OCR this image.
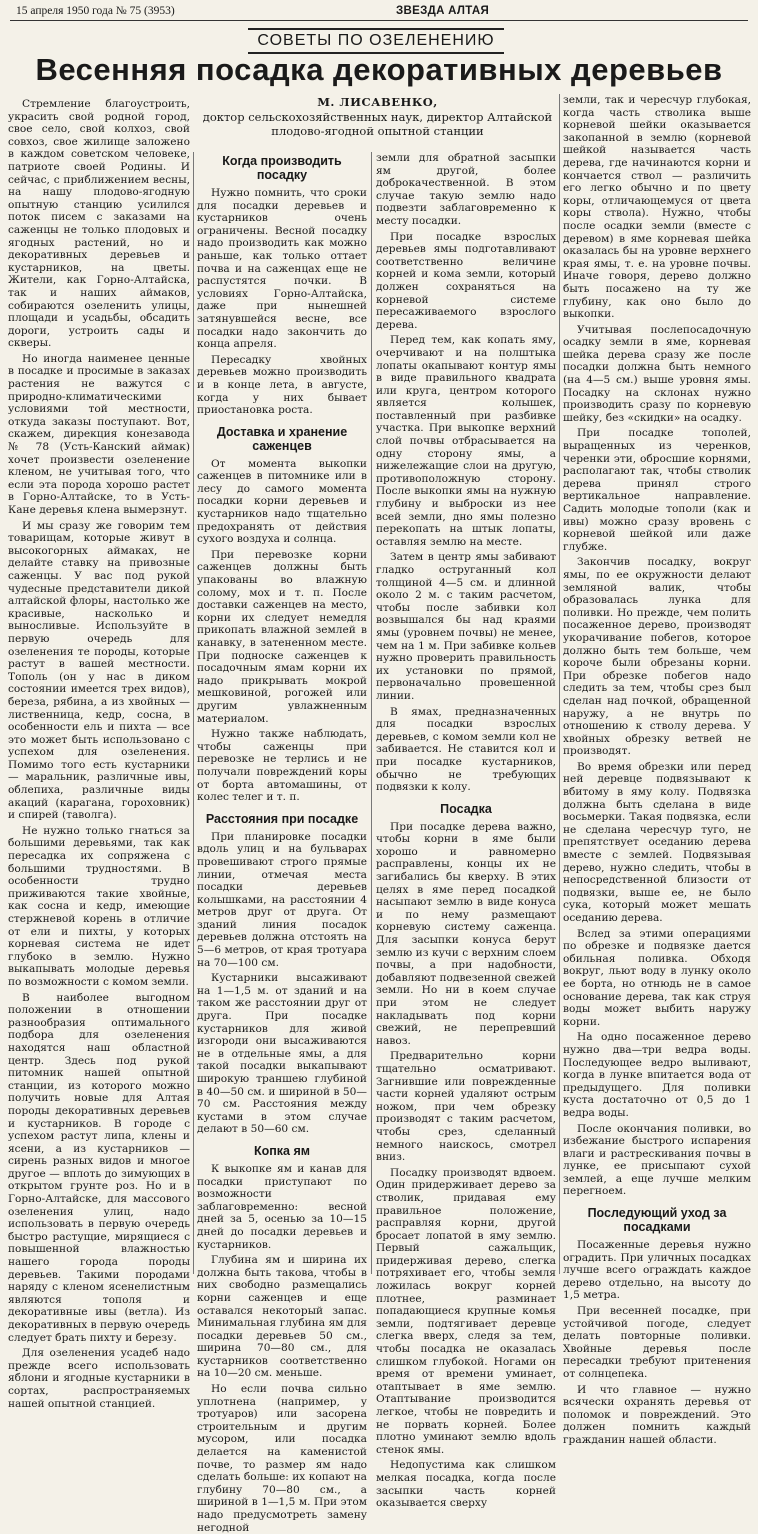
15 апреля 1950 года № 75 (3953)	ЗВЕЗДА АЛТАЯ
СОВЕТЫ ПО ОЗЕЛЕНЕНИЮ
Весенняя посадка декоративных деревьев
М. ЛИСАВЕНКО,
доктор сельскохозяйственных наук, директор Алтайской плодово-ягодной опытной станции

Стремление благоустроить, украсить свой родной город, свое село, свой колхоз, свой совхоз, свое жилище заложено в каждом советском человеке, патриоте своей Родины. И сейчас, с приближением весны, на нашу плодово-ягодную опытную станцию усилился поток писем с заказами на саженцы не только плодовых и ягодных растений, но и декоративных деревьев и кустарников, на цветы. Жители, как Горно-Алтайска, так и наших аймаков, собираются озеленить улицы, площади и усадьбы, обсадить дороги, устроить сады и скверы.

Но иногда наименее ценные в посадке и просимые в заказах растения не важутся с природно-климатическими условиями той местности, откуда заказы поступают. Вот, скажем, дирекция конезавода № 78 (Усть-Канский аймак) хочет произвести озеленение кленом, не учитывая того, что если эта порода хорошо растет в Горно-Алтайске, то в Усть-Кане деревья клена вымерзнут.

И мы сразу же говорим тем товарищам, которые живут в высокогорных аймаках, не делайте ставку на привозные саженцы. У вас под рукой чудесные представители дикой алтайской флоры, настолько же красивые, насколько и выносливые. Используйте в первую очередь для озеленения те породы, которые растут в вашей местности. Тополь (он у нас в диком состоянии имеется трех видов), береза, рябина, а из хвойных — лиственница, кедр, сосна, в особенности ель и пихта — все это может быть использовано с успехом для озеленения. Помимо того есть кустарники — маральник, различные ивы, облепиха, различные виды акаций (карагана, гороховник) и спирей (таволга).

Не нужно только гнаться за большими деревьями, так как пересадка их сопряжена с большими трудностями. В особенности трудно приживаются такие хвойные, как сосна и кедр, имеющие стержневой корень в отличие от ели и пихты, у которых корневая система не идет глубоко в землю. Нужно выкапывать молодые деревья по возможности с комом земли.

В наиболее выгодном положении в отношении разнообразия оптимального подбора для озеленения находятся наш областной центр. Здесь под рукой питомник нашей опытной станции, из которого можно получить новые для Алтая породы декоративных деревьев и кустарников. В городе с успехом растут липа, клены и ясени, а из кустарников — сирень разных видов и многое другое — вплоть до зимующих в открытом грунте роз. Но и в Горно-Алтайске, для массового озеленения улиц, надо использовать в первую очередь быстро растущие, мирящиеся с повышенной влажностью нашего города породы деревьев. Такими породами наряду с кленом ясенелистным являются тополя и декоративные ивы (ветла). Из декоративных в первую очередь следует брать пихту и березу.

Для озеленения усадеб надо прежде всего использовать яблони и ягодные кустарники в сортах, распространяемых нашей опытной станцией.

Когда производить посадку

Нужно помнить, что сроки для посадки деревьев и кустарников очень ограничены. Весной посадку надо производить как можно раньше, как только оттает почва и на саженцах еще не распустятся почки. В условиях Горно-Алтайска, даже при нынешней затянувшейся весне, все посадки надо закончить до конца апреля.

Пересадку хвойных деревьев можно производить и в конце лета, в августе, когда у них бывает приостановка роста.

Доставка и хранение саженцев

От момента выкопки саженцев в питомнике или в лесу до самого момента посадки корни деревьев и кустарников надо тщательно предохранять от действия сухого воздуха и солнца.

При перевозке корни саженцев должны быть упакованы во влажную солому, мох и т. п. После доставки саженцев на место, корни их следует немедля прикопать влажной землей в канавку, в затененном месте. При подноске саженцев к посадочным ямам корни их надо прикрывать мокрой мешковиной, рогожей или другим увлажненным материалом.

Нужно также наблюдать, чтобы саженцы при перевозке не терлись и не получали повреждений коры от борта автомашины, от колес телег и т. п.

Расстояния при посадке

При планировке посадки вдоль улиц и на бульварах провешивают строго прямые линии, отмечая места посадки деревьев колышками, на расстоянии 4 метров друг от друга. От зданий линия посадок деревьев должна отстоять на 5—6 метров, от края тротуара на 70—100 см.

Кустарники высаживают на 1—1,5 м. от зданий и на таком же расстоянии друг от друга. При посадке кустарников для живой изгороди они высаживаются не в отдельные ямы, а для такой посадки выкапывают широкую траншею глубиной в 40—50 см. и шириной в 50—70 см. Расстояния между кустами в этом случае делают в 50—60 см.

Копка ям

К выкопке ям и канав для посадки приступают по возможности заблаговременно: весной дней за 5, осенью за 10—15 дней до посадки деревьев и кустарников.

Глубина ям и ширина их должна быть такова, чтобы в них свободно размещались корни саженцев и еще оставался некоторый запас. Минимальная глубина ям для посадки деревьев 50 см., ширина 70—80 см., для кустарников соответственно на 10—20 см. меньше.

Но если почва сильно уплотнена (например, у тротуаров) или засорена строительным и другим мусором, или посадка делается на каменистой почве, то размер ям надо сделать больше: их копают на глубину 70—80 см., а шириной в 1—1,5 м. При этом надо предусмотреть замену негодной

земли для обратной засыпки ям другой, более доброкачественной. В этом случае такую землю надо подвезти заблаговременно к месту посадки.

При посадке взрослых деревьев ямы подготавливают соответственно величине корней и кома земли, который должен сохраняться на корневой системе пересаживаемого взрослого дерева.

Перед тем, как копать яму, очерчивают и на полштыка лопаты окапывают контур ямы в виде правильного квадрата или круга, центром которого является колышек, поставленный при разбивке участка. При выкопке верхний слой почвы отбрасывается на одну сторону ямы, а нижележащие слои на другую, противоположную сторону. После выкопки ямы на нужную глубину и выброски из нее всей земли, дно ямы полезно перекопать на штык лопаты, оставляя землю на месте.

Затем в центр ямы забивают гладко оструганный кол толщиной 4—5 см. и длинной около 2 м. с таким расчетом, чтобы после забивки кол возвышался бы над краями ямы (уровнем почвы) не менее, чем на 1 м. При забивке кольев нужно проверить правильность их установки по прямой, первоначально провешенной линии.

В ямах, предназначенных для посадки взрослых деревьев, с комом земли кол не забивается. Не ставится кол и при посадке кустарников, обычно не требующих подвязки к колу.

Посадка

При посадке дерева важно, чтобы корни в яме были хорошо и равномерно расправлены, концы их не загибались бы кверху. В этих целях в яме перед посадкой насыпают землю в виде конуса и по нему размещают корневую систему саженца. Для засыпки конуса берут землю из кучи с верхним слоем почвы, а при надобности, добавляют подвезенной свежей земли. Но ни в коем случае при этом не следует накладывать под корни свежий, не перепревший навоз.

Предварительно корни тщательно осматривают. Загнившие или поврежденные части корней удаляют острым ножом, при чем обрезку производят с таким расчетом, чтобы срез, сделанный немного наискось, смотрел вниз.

Посадку производят вдвоем. Один придерживает дерево за стволик, придавая ему правильное положение, расправляя корни, другой бросает лопатой в яму землю. Первый сажальщик, придерживая дерево, слегка потряхивает его, чтобы земля ложилась вокруг корней плотнее, разминает попадающиеся крупные комья земли, подтягивает деревце слегка вверх, следя за тем, чтобы посадка не оказалась слишком глубокой. Ногами он время от времени уминает, отаптывает в яме землю. Отаптывание производится легкое, чтобы не повредить и не порвать корней. Более плотно уминают землю вдоль стенок ямы.

Недопустима как слишком мелкая посадка, когда после засыпки часть корней оказывается сверху

земли, так и чересчур глубокая, когда часть стволика выше корневой шейки оказывается закопанной в землю (корневой шейкой называется часть дерева, где начинаются корни и кончается ствол — различить его легко обычно и по цвету коры, отличающемуся от цвета коры ствола). Нужно, чтобы после осадки земли (вместе с деревом) в яме корневая шейка оказалась бы на уровне верхнего края ямы, т. е. на уровне почвы. Иначе говоря, дерево должно быть посажено на ту же глубину, как оно было до выкопки.

Учитывая послепосадочную осадку земли в яме, корневая шейка дерева сразу же после посадки должна быть немного (на 4—5 см.) выше уровня ямы. Посадку на склонах нужно производить сразу по корневую шейку, без «скидки» на осадку.

При посадке тополей, выращенных из черенков, черенки эти, обросшие корнями, располагают так, чтобы стволик дерева принял строго вертикальное направление. Садить молодые тополи (как и ивы) можно сразу вровень с корневой шейкой или даже глубже.

Закончив посадку, вокруг ямы, по ее окружности делают земляной валик, чтобы образовалась лунка для поливки. Но прежде, чем полить посаженное дерево, производят укорачивание побегов, которое должно быть тем больше, чем короче были обрезаны корни. При обрезке побегов надо следить за тем, чтобы срез был сделан над почкой, обращенной наружу, а не внутрь по отношению к стволу дерева. У хвойных обрезку ветвей не производят.

Во время обрезки или перед ней деревце подвязывают к вбитому в яму колу. Подвязка должна быть сделана в виде восьмерки. Такая подвязка, если не сделана чересчур туго, не препятствует оседанию дерева вместе с землей. Подвязывая дерево, нужно следить, чтобы в непосредственной близости от подвязки, выше ее, не было сука, который может мешать оседанию дерева.

Вслед за этими операциями по обрезке и подвязке дается обильная поливка. Обходя вокруг, льют воду в лунку около ее борта, но отнюдь не в самое основание дерева, так как струя воды может выбить наружу корни.

На одно посаженное дерево нужно два—три ведра воды. Последующее ведро выливают, когда в лунке впитается вода от предыдущего. Для поливки куста достаточно от 0,5 до 1 ведра воды.

После окончания поливки, во избежание быстрого испарения влаги и растрескивания почвы в лунке, ее присыпают сухой землей, а еще лучше мелким перегноем.

Последующий уход за посадками

Посаженные деревья нужно оградить. При уличных посадках лучше всего ограждать каждое дерево отдельно, на высоту до 1,5 метра.

При весенней посадке, при устойчивой погоде, следует делать повторные поливки. Хвойные деревья после пересадки требуют притенения от солнцепека.

И что главное — нужно всячески охранять деревья от поломок и повреждений. Это должен помнить каждый гражданин нашей области.
